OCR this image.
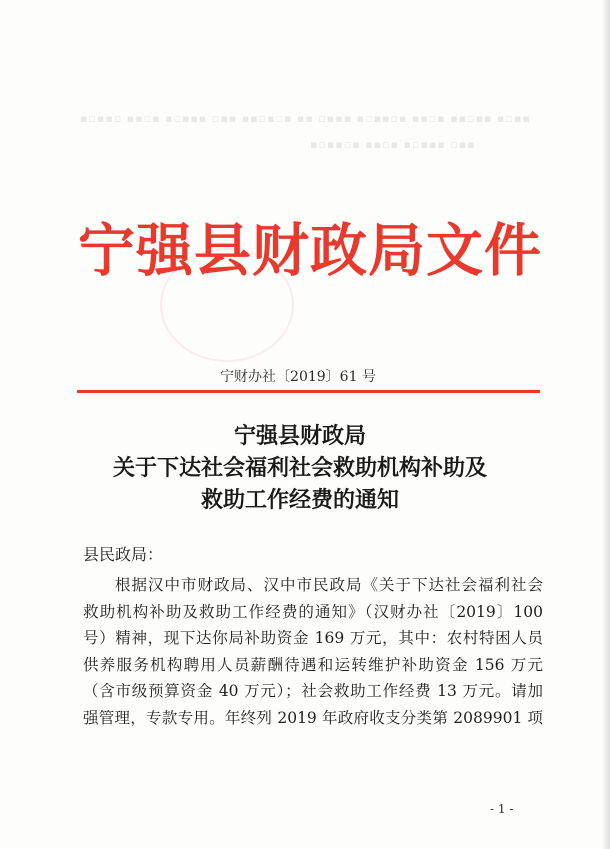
▪▫▪▪▫ ▪▪▫▪ ▪▫▪▪▪ ▫▪▪ ▪▪▫▪▫▪ ▪▪ ▫▪▪▪ ▪▫▪▪▫▪ ▪▪▫▪ ▪▪▫▪▪ ▪▫▪▪
▪▫▪▪▫▪ ▪▪▫▪ ▪▫▪▪▪ ▫▪▪
宁强县财政局文件
宁财办社〔2019〕61 号
宁强县财政局
关于下达社会福利社会救助机构补助及
救助工作经费的通知
县民政局：
根据汉中市财政局、汉中市民政局《关于下达社会福利社会
救助机构补助及救助工作经费的通知》（汉财办社〔2019〕100
号）精神，现下达你局补助资金 169 万元，其中：农村特困人员
供养服务机构聘用人员薪酬待遇和运转维护补助资金 156 万元
（含市级预算资金 40 万元）；社会救助工作经费 13 万元。请加
强管理，专款专用。年终列 2019 年政府收支分类第 2089901 项
- 1 -
